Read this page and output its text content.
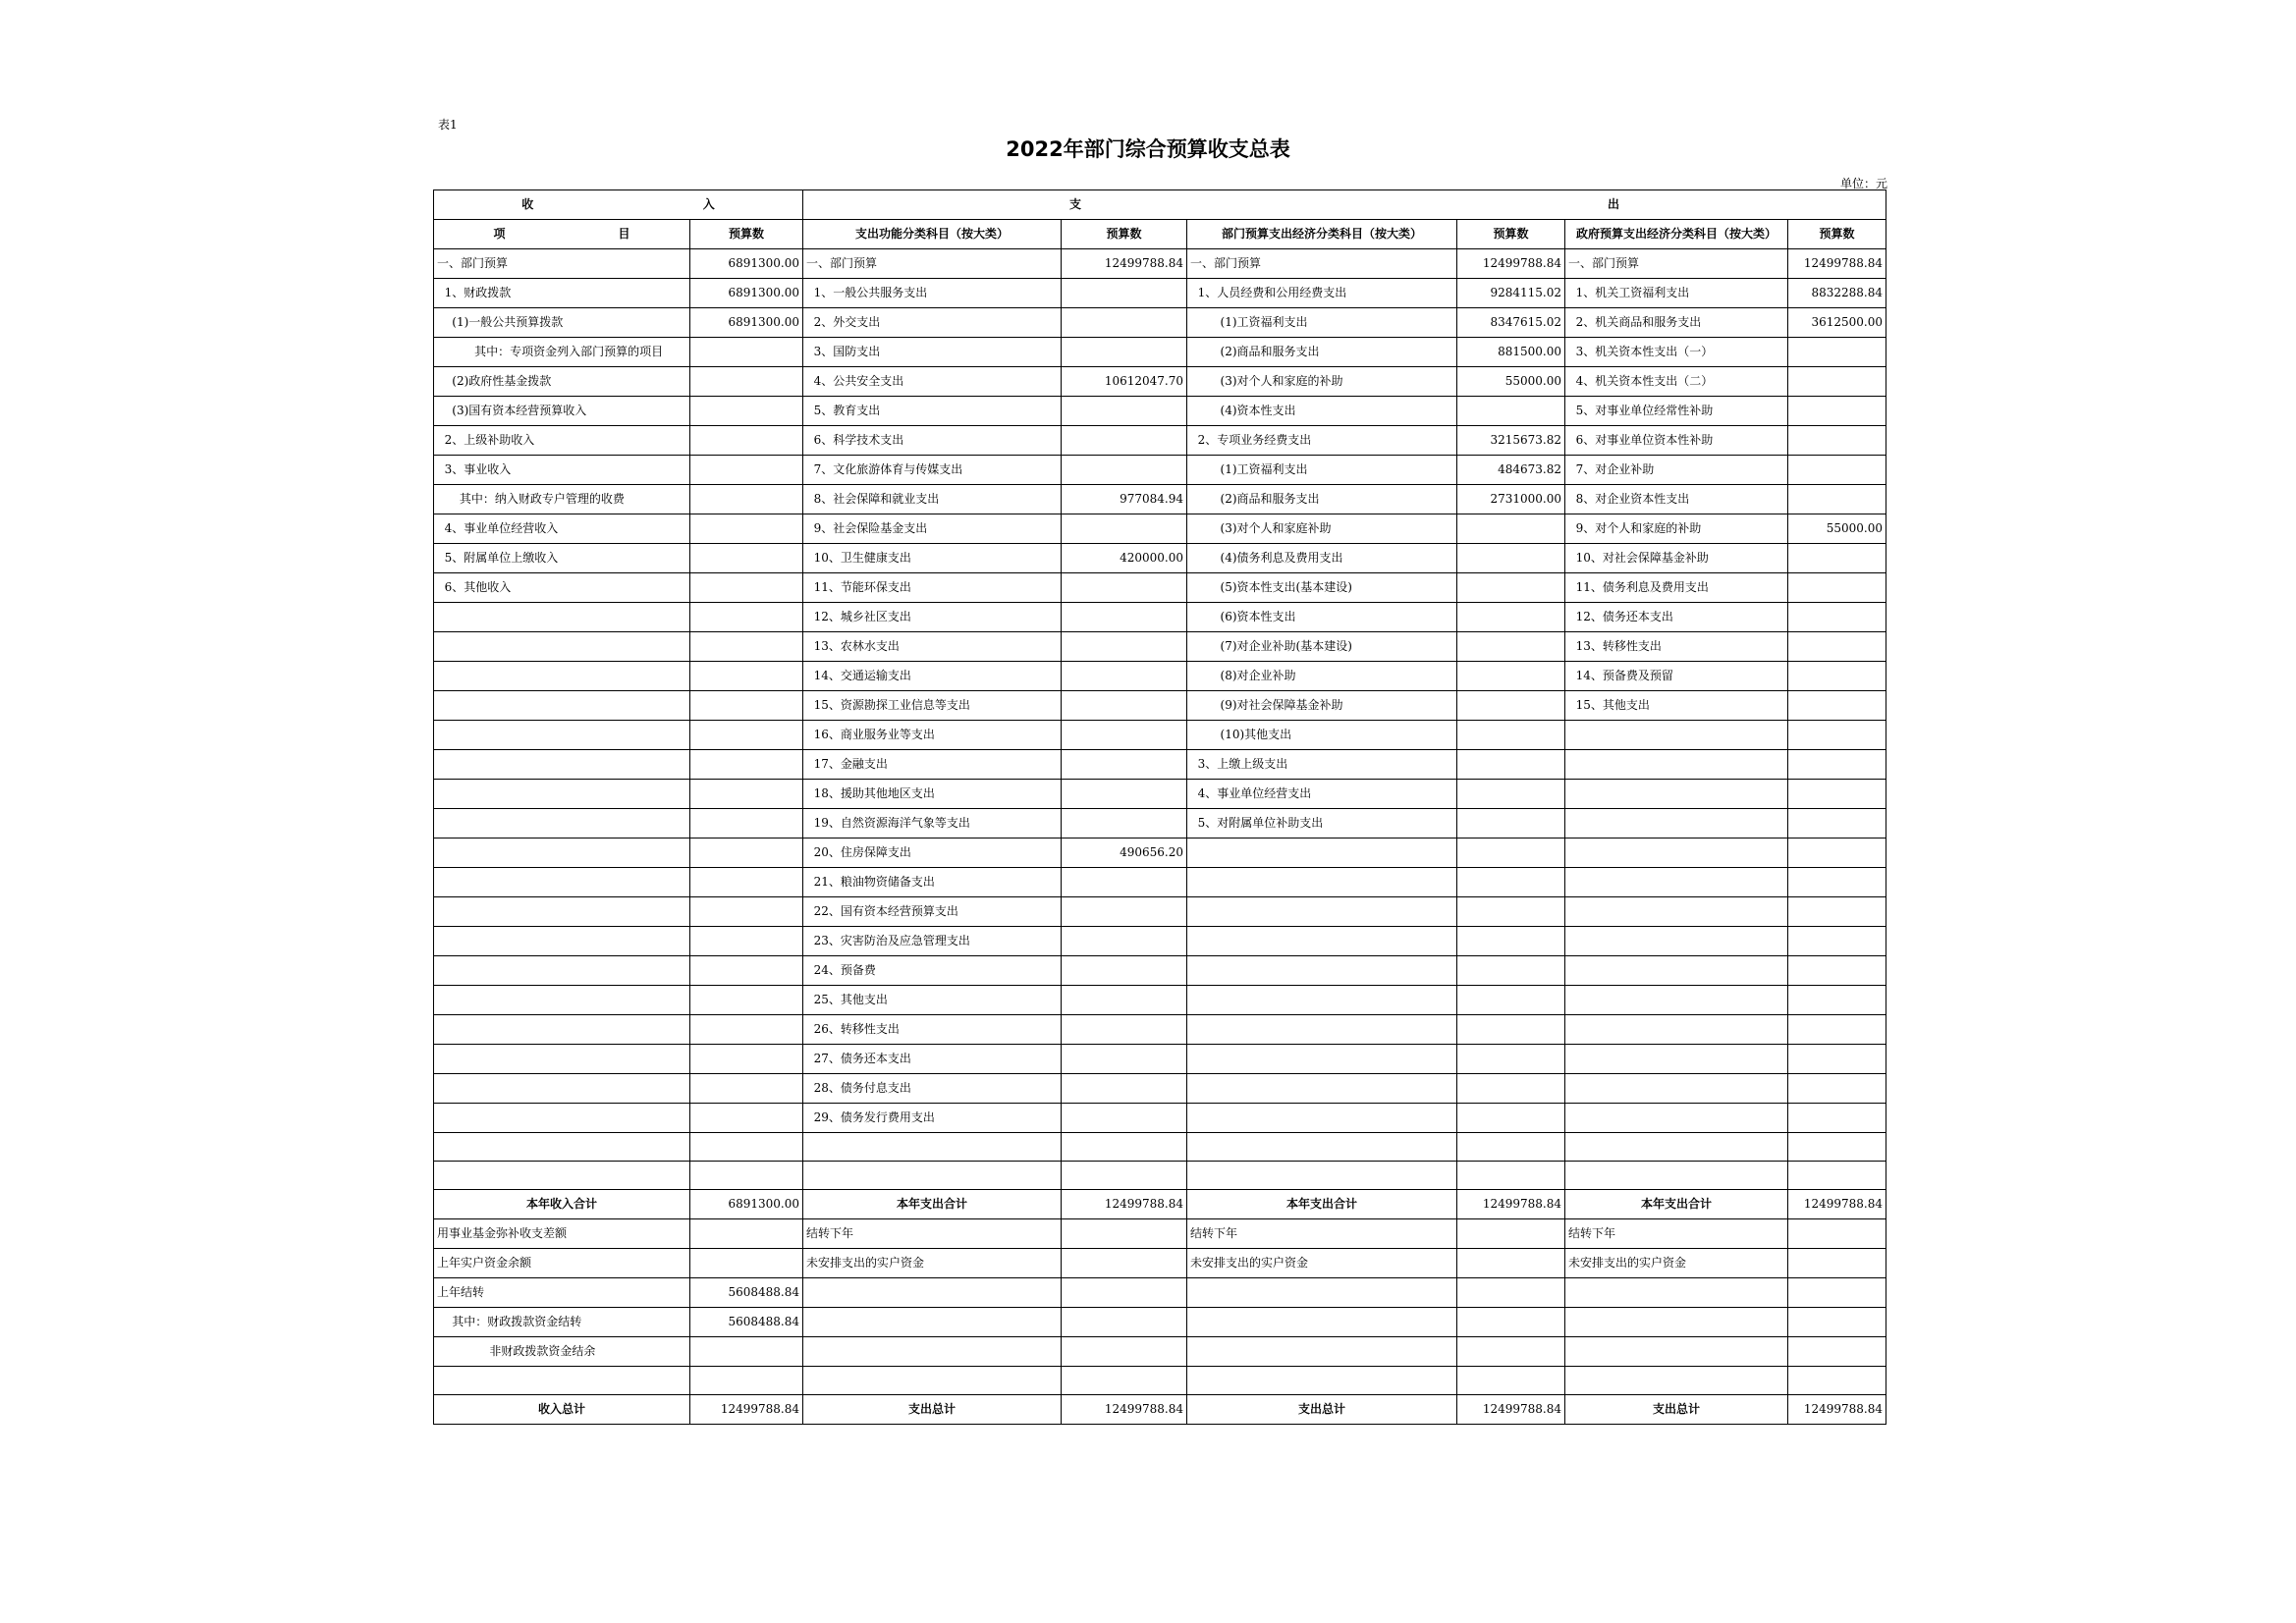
表1
2022年部门综合预算收支总表
单位：元
收 入		支 出					
项 目	预算数	支出功能分类科目（按大类）	预算数	部门预算支出经济分类科目（按大类）	预算数	政府预算支出经济分类科目（按大类）	预算数
一、部门预算	6891300.00	一、部门预算	12499788.84	一、部门预算	12499788.84	一、部门预算	12499788.84
1、财政拨款	6891300.00	1、一般公共服务支出		1、人员经费和公用经费支出	9284115.02	1、机关工资福利支出	8832288.84
(1)一般公共预算拨款	6891300.00	2、外交支出		(1)工资福利支出	8347615.02	2、机关商品和服务支出	3612500.00
其中：专项资金列入部门预算的项目		3、国防支出		(2)商品和服务支出	881500.00	3、机关资本性支出（一）	
(2)政府性基金拨款		4、公共安全支出	10612047.70	(3)对个人和家庭的补助	55000.00	4、机关资本性支出（二）	
(3)国有资本经营预算收入		5、教育支出		(4)资本性支出		5、对事业单位经常性补助	
2、上级补助收入		6、科学技术支出		2、专项业务经费支出	3215673.82	6、对事业单位资本性补助	
3、事业收入		7、文化旅游体育与传媒支出		(1)工资福利支出	484673.82	7、对企业补助	
其中：纳入财政专户管理的收费		8、社会保障和就业支出	977084.94	(2)商品和服务支出	2731000.00	8、对企业资本性支出	
4、事业单位经营收入		9、社会保险基金支出		(3)对个人和家庭补助		9、对个人和家庭的补助	55000.00
5、附属单位上缴收入		10、卫生健康支出	420000.00	(4)债务利息及费用支出		10、对社会保障基金补助	
6、其他收入		11、节能环保支出		(5)资本性支出(基本建设)		11、债务利息及费用支出	
		12、城乡社区支出		(6)资本性支出		12、债务还本支出	
		13、农林水支出		(7)对企业补助(基本建设)		13、转移性支出	
		14、交通运输支出		(8)对企业补助		14、预备费及预留	
		15、资源勘探工业信息等支出		(9)对社会保障基金补助		15、其他支出	
		16、商业服务业等支出		(10)其他支出			
		17、金融支出		3、上缴上级支出			
		18、援助其他地区支出		4、事业单位经营支出			
		19、自然资源海洋气象等支出		5、对附属单位补助支出			
		20、住房保障支出	490656.20				
		21、粮油物资储备支出					
		22、国有资本经营预算支出					
		23、灾害防治及应急管理支出					
		24、预备费					
		25、其他支出					
		26、转移性支出					
		27、债务还本支出					
		28、债务付息支出					
		29、债务发行费用支出					

本年收入合计	6891300.00	本年支出合计	12499788.84	本年支出合计	12499788.84	本年支出合计	12499788.84
用事业基金弥补收支差额		结转下年		结转下年		结转下年	
上年实户资金余额		未安排支出的实户资金		未安排支出的实户资金		未安排支出的实户资金	
上年结转	5608488.84						
其中：财政拨款资金结转	5608488.84						
非财政拨款资金结余							

收入总计	12499788.84	支出总计	12499788.84	支出总计	12499788.84	支出总计	12499788.84
